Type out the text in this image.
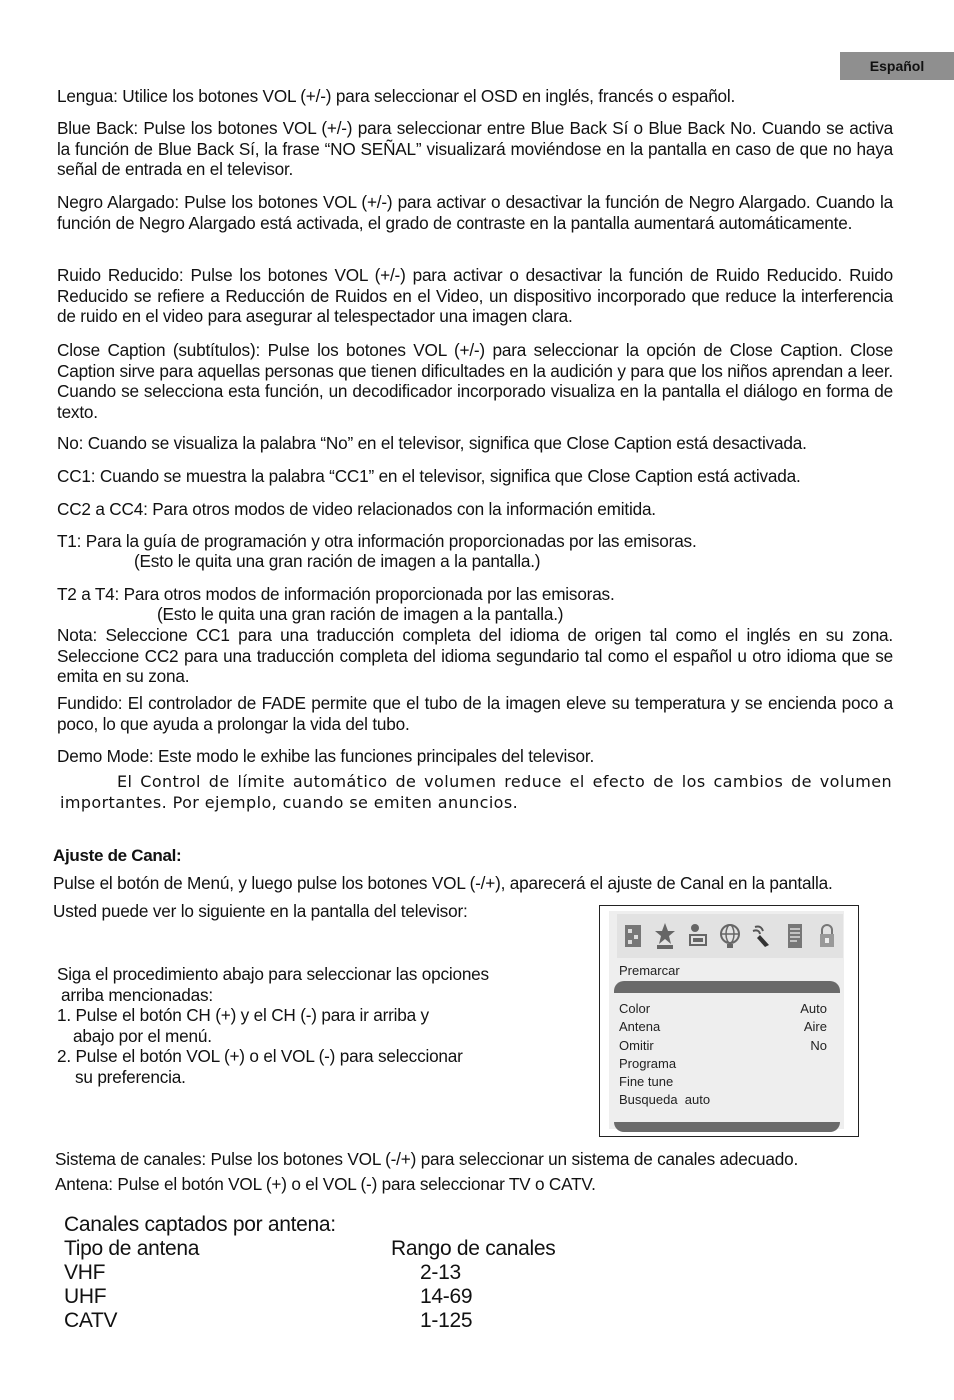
Español
Lengua: Utilice los botones VOL (+/-) para seleccionar el OSD en inglés, francés o español.
Blue Back: Pulse los botones VOL (+/-) para seleccionar entre Blue Back Sí o Blue Back No. Cuando se activa la función de Blue Back Sí, la frase “NO SEÑAL” visualizará moviéndose en la pantalla en caso de que no haya señal de entrada en el televisor.
Negro Alargado: Pulse los botones VOL (+/-) para activar o desactivar la función de Negro Alargado. Cuando la función de Negro Alargado está activada, el grado de contraste en la pantalla aumentará automáticamente.
Ruido Reducido: Pulse los botones VOL (+/-) para activar o desactivar la función de Ruido Reducido. Ruido Reducido se refiere a Reducción de Ruidos en el Video, un dispositivo incorporado que reduce la interferencia de ruido en el video para asegurar al telespectador una imagen clara.
Close Caption (subtítulos): Pulse los botones VOL (+/-) para seleccionar la opción de Close Caption. Close Caption sirve para aquellas personas que tienen dificultades en la audición y para que los niños aprendan a leer. Cuando se selecciona esta función, un decodificador incorporado visualiza en la pantalla el diálogo en forma de texto.
No: Cuando se visualiza la palabra “No” en el televisor, significa que Close Caption está desactivada.
CC1: Cuando se muestra la palabra “CC1” en el televisor, significa que Close Caption está activada.
CC2 a CC4: Para otros modos de video relacionados con la información emitida.
T1: Para la guía de programación y otra información proporcionadas por las emisoras.
(Esto le quita una gran ración de imagen a la pantalla.)
T2 a T4: Para otros modos de información proporcionada por las emisoras.
(Esto le quita una gran ración de imagen a la pantalla.)
Nota: Seleccione CC1 para una traducción completa del idioma de origen tal como el inglés en su zona. Seleccione CC2 para una traducción completa del idioma segundario tal como el español u otro idioma que se emita en su zona.
Fundido: El controlador de FADE permite que el tubo de la imagen eleve su temperatura y se encienda poco a poco, lo que ayuda a prolongar la vida del tubo.
Demo Mode: Este modo le exhibe las funciones principales del televisor.
El Control de límite automático de volumen reduce el efecto de los cambios de volumen importantes. Por ejemplo, cuando se emiten anuncios.
Ajuste de Canal:
Pulse el botón de Menú, y luego pulse los botones VOL (-/+), aparecerá el ajuste de Canal en la pantalla.
Usted puede ver lo siguiente en la pantalla del televisor:
Siga el procedimiento abajo para seleccionar las opciones
arriba mencionadas:
1. Pulse el botón CH (+) y el CH (-) para ir arriba y
abajo por el menú.
2. Pulse el botón VOL (+) o el VOL (-) para seleccionar
su preferencia.
Premarcar
Color	Auto
Antena	Aire
Omitir	No
Programa
Fine tune
Busqueda  auto
Sistema de canales: Pulse los botones VOL (-/+) para seleccionar un sistema de canales adecuado.
Antena: Pulse el botón VOL (+) o el VOL (-) para seleccionar TV o CATV.
Canales captados por antena:
Tipo de antena	Rango de canales
VHF	2-13
UHF	14-69
CATV	1-125
